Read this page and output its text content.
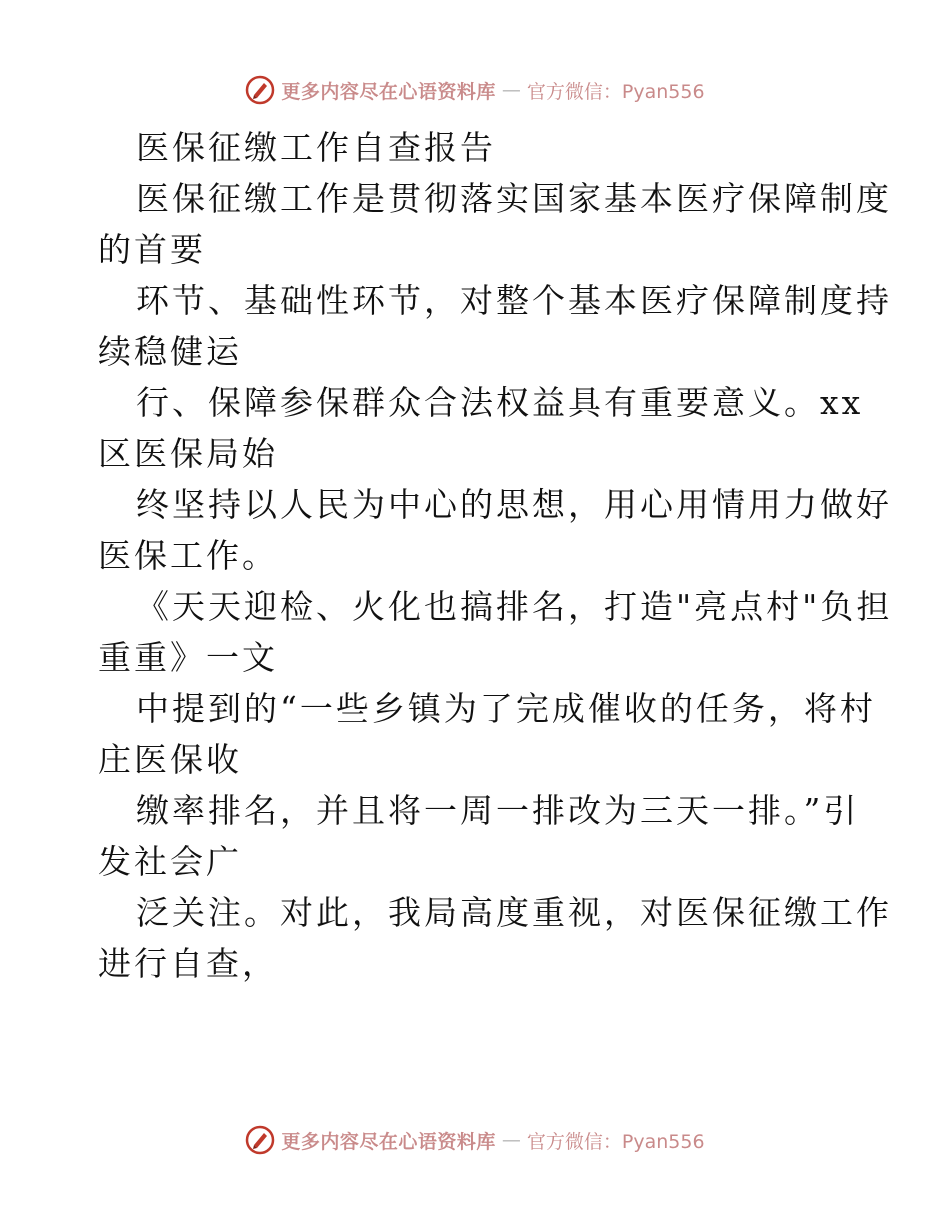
更多内容尽在心语资料库 — 官方微信：Pyan556
医保征缴工作自查报告
医保征缴工作是贯彻落实国家基本医疗保障制度
的首要
环节、基础性环节，对整个基本医疗保障制度持
续稳健运
行、保障参保群众合法权益具有重要意义。xx
区医保局始
终坚持以人民为中心的思想，用心用情用力做好
医保工作。
《天天迎检、火化也搞排名，打造"亮点村"负担
重重》一文
中提到的“一些乡镇为了完成催收的任务，将村
庄医保收
缴率排名，并且将一周一排改为三天一排。”引
发社会广
泛关注。对此，我局高度重视，对医保征缴工作
进行自查，
更多内容尽在心语资料库 — 官方微信：Pyan556
